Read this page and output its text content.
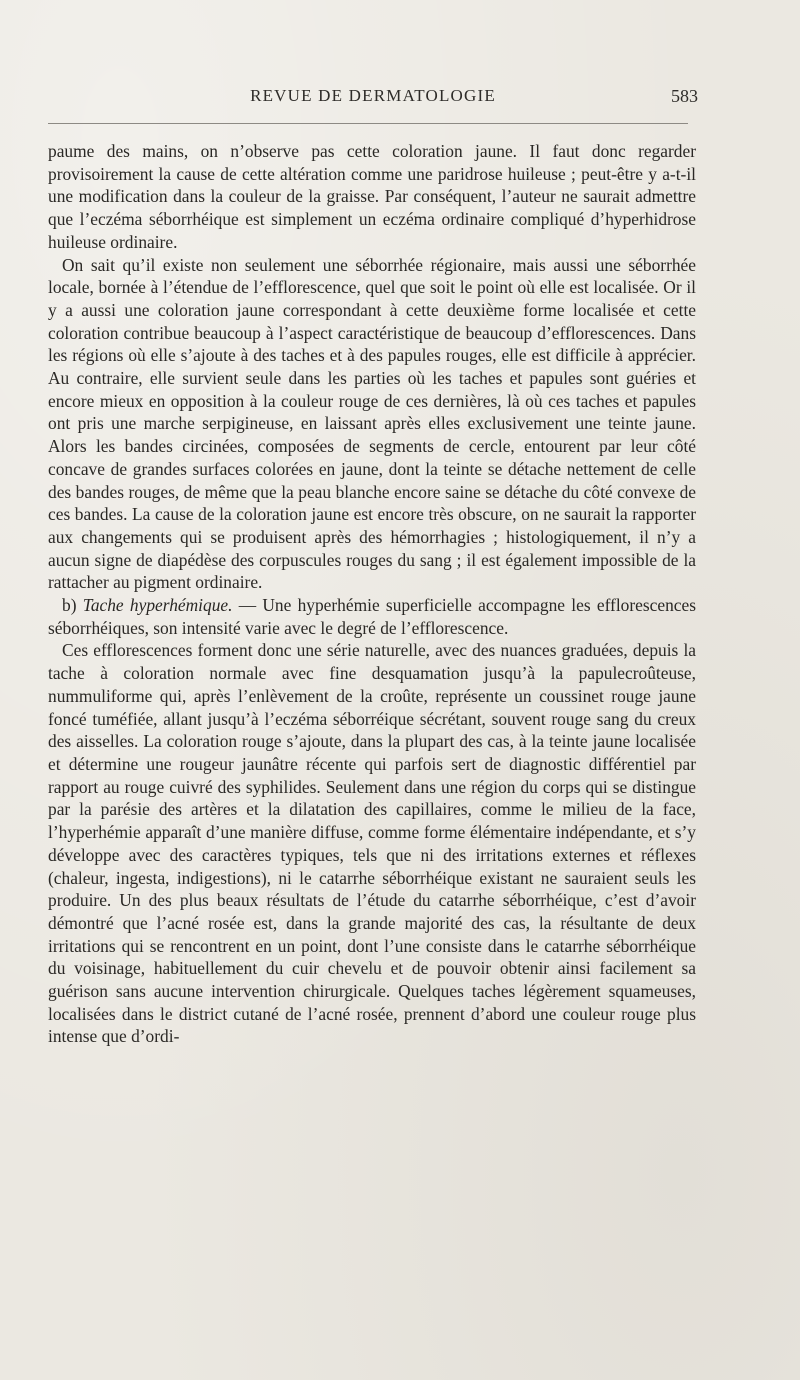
REVUE DE DERMATOLOGIE	583

paume des mains, on n’observe pas cette coloration jaune. Il faut donc regarder provisoirement la cause de cette altération comme une paridrose huileuse ; peut-être y a-t-il une modification dans la couleur de la graisse. Par conséquent, l’auteur ne saurait admettre que l’eczéma séborrhéique est simplement un eczéma ordinaire compliqué d’hyperhidrose huileuse ordinaire.

On sait qu’il existe non seulement une séborrhée régionaire, mais aussi une séborrhée locale, bornée à l’étendue de l’efflorescence, quel que soit le point où elle est localisée. Or il y a aussi une coloration jaune correspondant à cette deuxième forme localisée et cette coloration contribue beaucoup à l’aspect caractéristique de beaucoup d’efflorescences. Dans les régions où elle s’ajoute à des taches et à des papules rouges, elle est difficile à apprécier. Au contraire, elle survient seule dans les parties où les taches et papules sont guéries et encore mieux en opposition à la couleur rouge de ces dernières, là où ces taches et papules ont pris une marche serpigineuse, en laissant après elles exclusivement une teinte jaune. Alors les bandes circinées, composées de segments de cercle, entourent par leur côté concave de grandes surfaces colorées en jaune, dont la teinte se détache nettement de celle des bandes rouges, de même que la peau blanche encore saine se détache du côté convexe de ces bandes. La cause de la coloration jaune est encore très obscure, on ne saurait la rapporter aux changements qui se produisent après des hémorrhagies ; histologiquement, il n’y a aucun signe de diapédèse des corpuscules rouges du sang ; il est également impossible de la rattacher au pigment ordinaire.

b) Tache hyperhémique. — Une hyperhémie superficielle accompagne les efflorescences séborrhéiques, son intensité varie avec le degré de l’efflorescence.

Ces efflorescences forment donc une série naturelle, avec des nuances graduées, depuis la tache à coloration normale avec fine desquamation jusqu’à la papulecroûteuse, nummuliforme qui, après l’enlèvement de la croûte, représente un coussinet rouge jaune foncé tuméfiée, allant jusqu’à l’eczéma séborréique sécrétant, souvent rouge sang du creux des aisselles. La coloration rouge s’ajoute, dans la plupart des cas, à la teinte jaune localisée et détermine une rougeur jaunâtre récente qui parfois sert de diagnostic différentiel par rapport au rouge cuivré des syphilides. Seulement dans une région du corps qui se distingue par la parésie des artères et la dilatation des capillaires, comme le milieu de la face, l’hyperhémie apparaît d’une manière diffuse, comme forme élémentaire indépendante, et s’y développe avec des caractères typiques, tels que ni des irritations externes et réflexes (chaleur, ingesta, indigestions), ni le catarrhe séborrhéique existant ne sauraient seuls les produire. Un des plus beaux résultats de l’étude du catarrhe séborrhéique, c’est d’avoir démontré que l’acné rosée est, dans la grande majorité des cas, la résultante de deux irritations qui se rencontrent en un point, dont l’une consiste dans le catarrhe séborrhéique du voisinage, habituellement du cuir chevelu et de pouvoir obtenir ainsi facilement sa guérison sans aucune intervention chirurgicale. Quelques taches légèrement squameuses, localisées dans le district cutané de l’acné rosée, prennent d’abord une couleur rouge plus intense que d’ordi-
